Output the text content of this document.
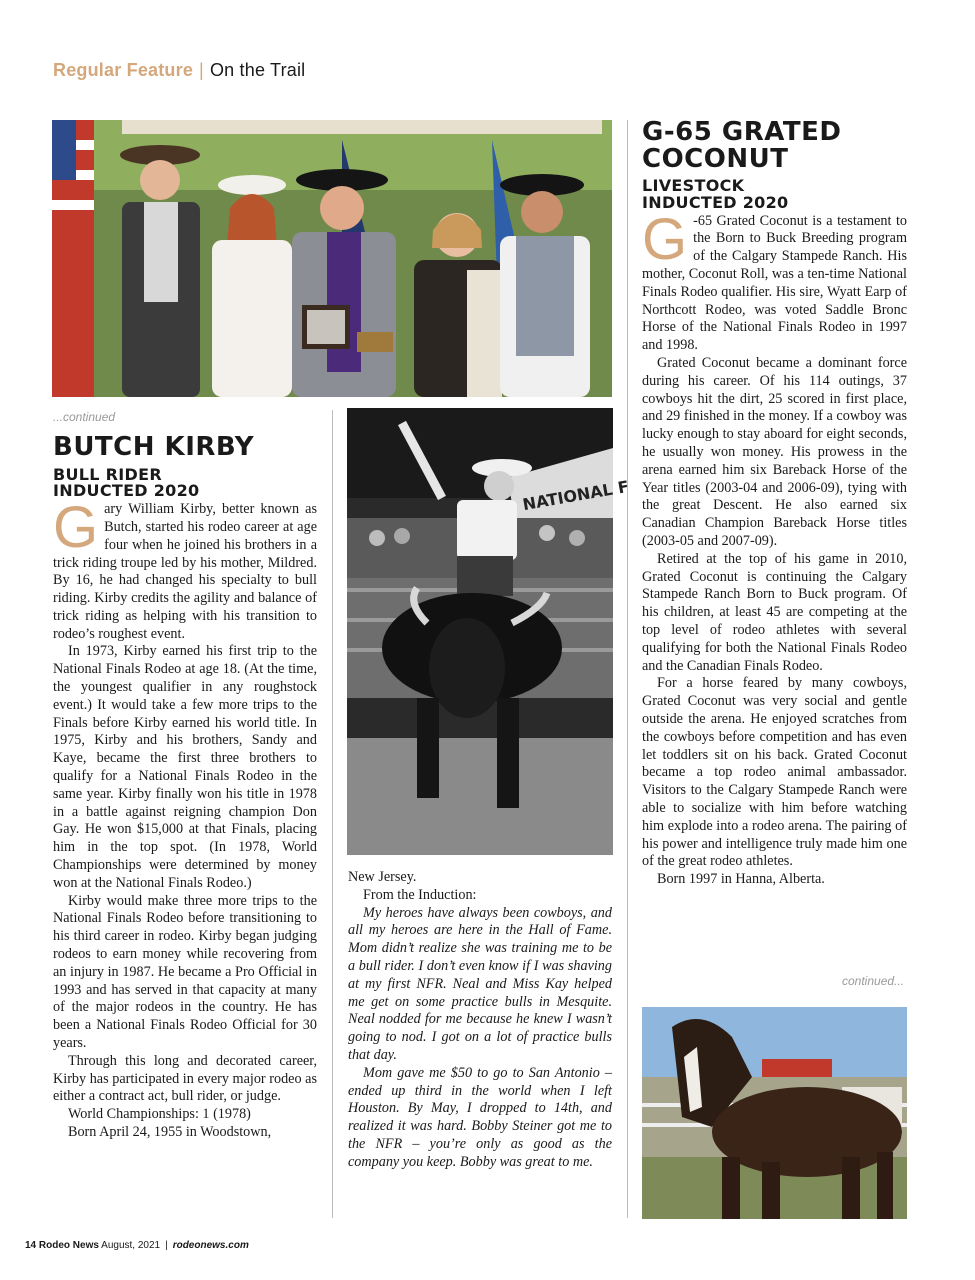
Regular Feature | On the Trail
...continued
BUTCH KIRBY
BULL RIDER
INDUCTED 2020

Gary William Kirby, better known as Butch, started his rodeo career at age four when he joined his brothers in a trick riding troupe led by his mother, Mildred. By 16, he had changed his specialty to bull riding. Kirby credits the agility and balance of trick riding as helping with his transition to rodeo’s roughest event.

In 1973, Kirby earned his first trip to the National Finals Rodeo at age 18. (At the time, the youngest qualifier in any roughstock event.) It would take a few more trips to the Finals before Kirby earned his world title. In 1975, Kirby and his brothers, Sandy and Kaye, became the first three brothers to qualify for a National Finals Rodeo in the same year. Kirby finally won his title in 1978 in a battle against reigning champion Don Gay. He won $15,000 at that Finals, placing him in the top spot. (In 1978, World Championships were determined by money won at the National Finals Rodeo.)

Kirby would make three more trips to the National Finals Rodeo before transitioning to his third career in rodeo. Kirby began judging rodeos to earn money while recovering from an injury in 1987. He became a Pro Official in 1993 and has served in that capacity at many of the major rodeos in the country. He has been a National Finals Rodeo Official for 30 years.

Through this long and decorated career, Kirby has participated in every major rodeo as either a contract act, bull rider, or judge.

World Championships: 1 (1978)

Born April 24, 1955 in Woodstown,

NATIONAL F

New Jersey.

From the Induction:

My heroes have always been cowboys, and all my heroes are here in the Hall of Fame. Mom didn’t realize she was training me to be a bull rider. I don’t even know if I was shaving at my first NFR. Neal and Miss Kay helped me get on some practice bulls in Mesquite. Neal nodded for me because he knew I wasn’t going to nod. I got on a lot of practice bulls that day.

Mom gave me $50 to go to San Antonio – ended up third in the world when I left Houston. By May, I dropped to 14th, and realized it was hard. Bobby Steiner got me to the NFR – you’re only as good as the company you keep. Bobby was great to me.

G-65 GRATED
COCONUT
LIVESTOCK
INDUCTED 2020

G -65 Grated Coconut is a testament to the Born to Buck Breeding program of the Calgary Stampede Ranch. His mother, Coconut Roll, was a ten-time National Finals Rodeo qualifier. His sire, Wyatt Earp of Northcott Rodeo, was voted Saddle Bronc Horse of the National Finals Rodeo in 1997 and 1998.

Grated Coconut became a dominant force during his career. Of his 114 outings, 37 cowboys hit the dirt, 25 scored in first place, and 29 finished in the money. If a cowboy was lucky enough to stay aboard for eight seconds, he usually won money. His prowess in the arena earned him six Bareback Horse of the Year titles (2003-04 and 2006-09), tying with the great Descent. He also earned six Canadian Champion Bareback Horse titles (2003-05 and 2007-09).

Retired at the top of his game in 2010, Grated Coconut is continuing the Calgary Stampede Ranch Born to Buck program. Of his children, at least 45 are competing at the top level of rodeo athletes with several qualifying for both the National Finals Rodeo and the Canadian Finals Rodeo.

For a horse feared by many cowboys, Grated Coconut was very social and gentle outside the arena. He enjoyed scratches from the cowboys before competition and has even let toddlers sit on his back. Grated Coconut became a top rodeo animal ambassador. Visitors to the Calgary Stampede Ranch were able to socialize with him before watching him explode into a rodeo arena. The pairing of his power and intelligence truly made him one of the great rodeo athletes.

Born 1997 in Hanna, Alberta.

continued...
14 Rodeo News August, 2021 | rodeonews.com
